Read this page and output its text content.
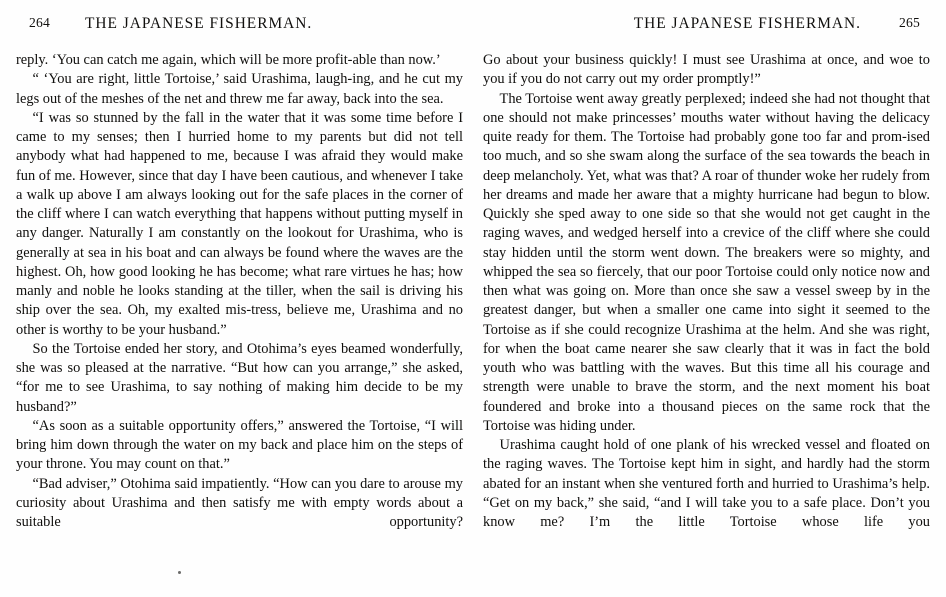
264 THE JAPANESE FISHERMAN.

reply. ‘You can catch me again, which will be more profit-able than now.’

“ ‘You are right, little Tortoise,’ said Urashima, laugh-ing, and he cut my legs out of the meshes of the net and threw me far away, back into the sea.

“I was so stunned by the fall in the water that it was some time before I came to my senses; then I hurried home to my parents but did not tell anybody what had happened to me, because I was afraid they would make fun of me. However, since that day I have been cautious, and whenever I take a walk up above I am always looking out for the safe places in the corner of the cliff where I can watch everything that happens without putting myself in any danger. Naturally I am constantly on the lookout for Urashima, who is generally at sea in his boat and can always be found where the waves are the highest. Oh, how good looking he has become; what rare virtues he has; how manly and noble he looks standing at the tiller, when the sail is driving his ship over the sea. Oh, my exalted mis-tress, believe me, Urashima and no other is worthy to be your husband.”

So the Tortoise ended her story, and Otohima’s eyes beamed wonderfully, she was so pleased at the narrative. “But how can you arrange,” she asked, “for me to see Urashima, to say nothing of making him decide to be my husband?”

“As soon as a suitable opportunity offers,” answered the Tortoise, “I will bring him down through the water on my back and place him on the steps of your throne. You may count on that.”

“Bad adviser,” Otohima said impatiently. “How can you dare to arouse my curiosity about Urashima and then satisfy me with empty words about a suitable opportunity?

THE JAPANESE FISHERMAN.	265

Go about your business quickly! I must see Urashima at once, and woe to you if you do not carry out my order promptly!”

The Tortoise went away greatly perplexed; indeed she had not thought that one should not make princesses’ mouths water without having the delicacy quite ready for them. The Tortoise had probably gone too far and prom-ised too much, and so she swam along the surface of the sea towards the beach in deep melancholy. Yet, what was that? A roar of thunder woke her rudely from her dreams and made her aware that a mighty hurricane had begun to blow. Quickly she sped away to one side so that she would not get caught in the raging waves, and wedged herself into a crevice of the cliff where she could stay hidden until the storm went down. The breakers were so mighty, and whipped the sea so fiercely, that our poor Tortoise could only notice now and then what was going on. More than once she saw a vessel sweep by in the greatest danger, but when a smaller one came into sight it seemed to the Tortoise as if she could recognize Urashima at the helm. And she was right, for when the boat came nearer she saw clearly that it was in fact the bold youth who was battling with the waves. But this time all his courage and strength were unable to brave the storm, and the next moment his boat foundered and broke into a thousand pieces on the same rock that the Tortoise was hiding under.

Urashima caught hold of one plank of his wrecked vessel and floated on the raging waves. The Tortoise kept him in sight, and hardly had the storm abated for an instant when she ventured forth and hurried to Urashima’s help. “Get on my back,” she said, “and I will take you to a safe place. Don’t you know me? I’m the little Tortoise whose life you
